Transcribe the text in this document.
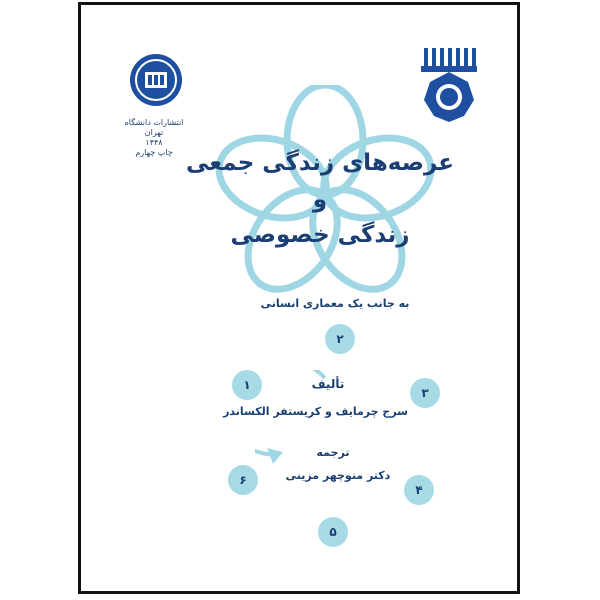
انتشارات دانشگاه تهران
۱۴۴۸
چاپ چهارم عرصه‌های زندگی جمعی
و
زندگی خصوصی
به جانب یک معماری انسانی
۲
۱
۳
۶
۴
۵
تألیف
سرج چرمایف و کریستفر الکساندر
ترجمه
دکتر منوچهر مزینی
